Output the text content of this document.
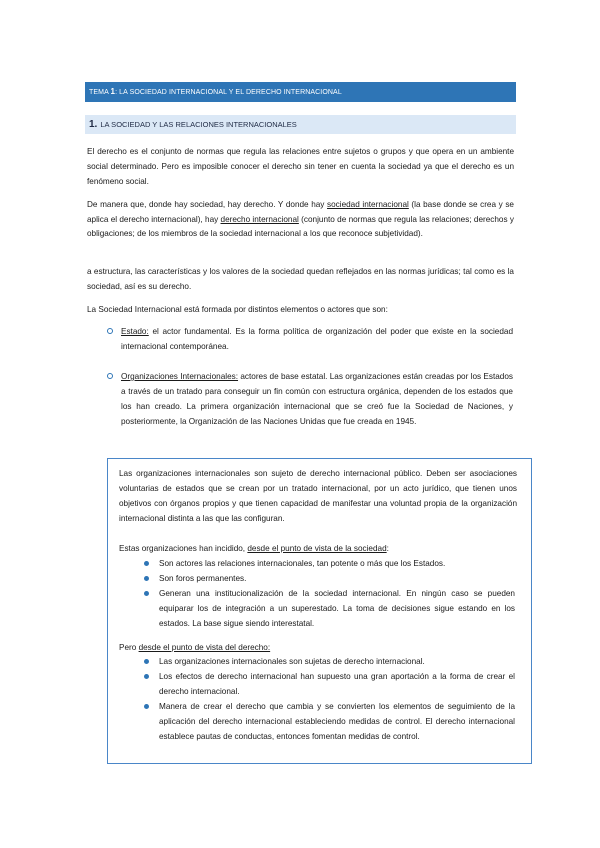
TEMA 1: LA SOCIEDAD INTERNACIONAL Y EL DERECHO INTERNACIONAL
1. LA SOCIEDAD Y LAS RELACIONES INTERNACIONALES

El derecho es el conjunto de normas que regula las relaciones entre sujetos o grupos y que opera en un ambiente social determinado. Pero es imposible conocer el derecho sin tener en cuenta la sociedad ya que el derecho es un fenómeno social.

De manera que, donde hay sociedad, hay derecho. Y donde hay sociedad internacional (la base donde se crea y se aplica el derecho internacional), hay derecho internacional (conjunto de normas que regula las relaciones; derechos y obligaciones; de los miembros de la sociedad internacional a los que reconoce subjetividad).

a estructura, las características y los valores de la sociedad quedan reflejados en las normas jurídicas; tal como es la sociedad, así es su derecho.

La Sociedad Internacional está formada por distintos elementos o actores que son:

Estado: el actor fundamental. Es la forma política de organización del poder que existe en la sociedad internacional contemporánea.
Organizaciones Internacionales: actores de base estatal. Las organizaciones están creadas por los Estados a través de un tratado para conseguir un fin común con estructura orgánica, dependen de los estados que los han creado. La primera organización internacional que se creó fue la Sociedad de Naciones, y posteriormente, la Organización de las Naciones Unidas que fue creada en 1945.

Las organizaciones internacionales son sujeto de derecho internacional público. Deben ser asociaciones voluntarias de estados que se crean por un tratado internacional, por un acto jurídico, que tienen unos objetivos con órganos propios y que tienen capacidad de manifestar una voluntad propia de la organización internacional distinta a las que las configuran.

Estas organizaciones han incidido, desde el punto de vista de la sociedad:

Son actores las relaciones internacionales, tan potente o más que los Estados.
Son foros permanentes.
Generan una institucionalización de la sociedad internacional. En ningún caso se pueden equiparar los de integración a un superestado. La toma de decisiones sigue estando en los estados. La base sigue siendo interestatal.

Pero desde el punto de vista del derecho:

Las organizaciones internacionales son sujetas de derecho internacional.
Los efectos de derecho internacional han supuesto una gran aportación a la forma de crear el derecho internacional.
Manera de crear el derecho que cambia y se convierten los elementos de seguimiento de la aplicación del derecho internacional estableciendo medidas de control. El derecho internacional establece pautas de conductas, entonces fomentan medidas de control.
